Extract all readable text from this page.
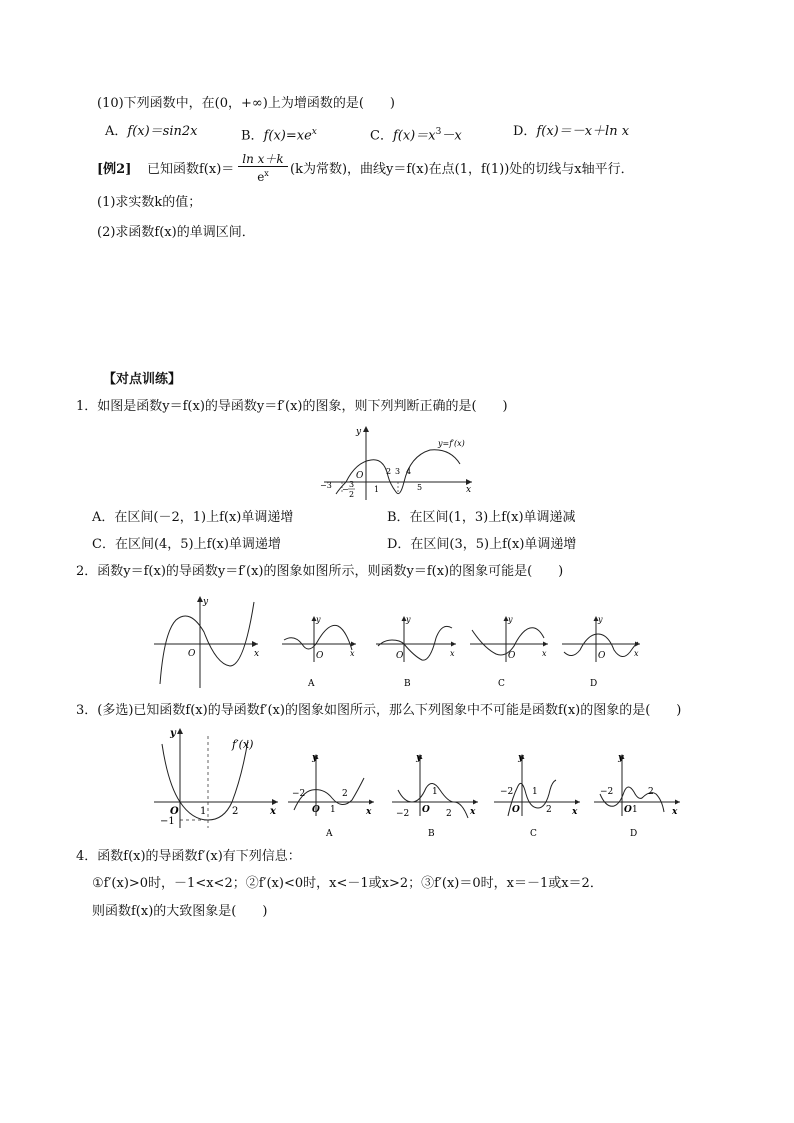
(10)下列函数中，在(0，+∞)上为增函数的是(　　)
A．f(x)＝sin2x	B．$f(x)=xe^x$	C．$f(x)=x^3-x$	D．f(x)＝－x＋ln x
[例2] 已知函数$f(x)= \frac{\text{ln x＋k}}{e^x} (k$为常数)，曲线y＝f(x)在点(1，f(1))处的切线与x轴平行．
(1)求实数k的值；
(2)求函数f(x)的单调区间．
【对点训练】
1．如图是函数y＝f(x)的导函数y＝f′(x)的图象，则下列判断正确的是(　　)
y
x
O
y=f′(x)
−3 −
3
2
1
2 3 4
5
A．在区间(－2，1)上f(x)单调递增	B．在区间(1，3)上f(x)单调递减
C．在区间(4，5)上f(x)单调递增	D．在区间(3，5)上f(x)单调递增
2．函数y＝f(x)的导函数y＝f′(x)的图象如图所示，则函数y＝f(x)的图象可能是(　　)
y
x
O
y
x
O
A
y
x
O
B
y
x
O
C
y
x
O
D
3．(多选)已知函数f(x)的导函数f′(x)的图象如图所示，那么下列图象中不可能是函数f(x)的图象的是(　　)
y
x
O
f′(x)
1	2
−1
y
x
O
−2
1
2
A
y
x
O
−2
1
2
B
y
x
O
−2 1
2
C
y
x
O
−2
1
2
D
4．函数f(x)的导函数f′(x)有下列信息：
①f′(x)>0时，－1<x<2；②f′(x)<0时，x<－1或x>2；③f′(x)＝0时，x＝－1或x＝2．
则函数f(x)的大致图象是(　　)
